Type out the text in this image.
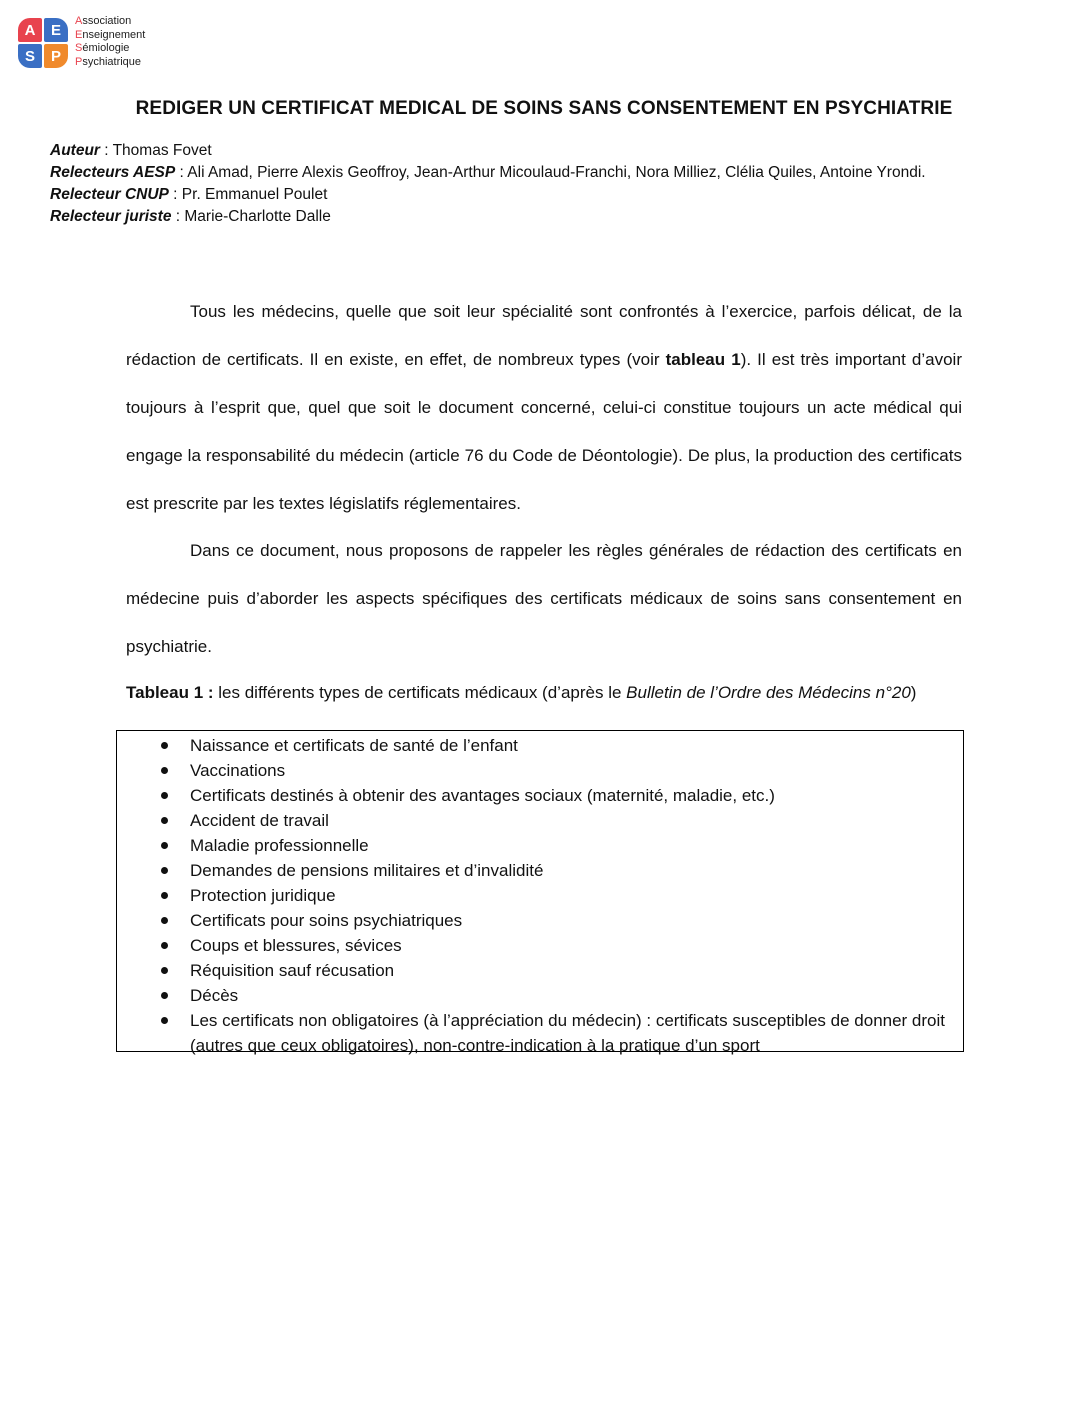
A	E
S	P
Association
Enseignement
Sémiologie
Psychiatrique
REDIGER UN CERTIFICAT MEDICAL DE SOINS SANS CONSENTEMENT EN PSYCHIATRIE
Auteur : Thomas Fovet
Relecteurs AESP : Ali Amad, Pierre Alexis Geoffroy, Jean-Arthur Micoulaud-Franchi, Nora Milliez, Clélia Quiles, Antoine Yrondi.
Relecteur CNUP : Pr. Emmanuel Poulet
Relecteur juriste : Marie-Charlotte Dalle

Tous les médecins, quelle que soit leur spécialité sont confrontés à l’exercice, parfois délicat, de la rédaction de certificats. Il en existe, en effet, de nombreux types (voir tableau 1). Il est très important d’avoir toujours à l’esprit que, quel que soit le document concerné, celui-ci constitue toujours un acte médical qui engage la responsabilité du médecin (article 76 du Code de Déontologie). De plus, la production des certificats est prescrite par les textes législatifs réglementaires.

Dans ce document, nous proposons de rappeler les règles générales de rédaction des certificats en médecine puis d’aborder les aspects spécifiques des certificats médicaux de soins sans consentement en psychiatrie.

Tableau 1 : les différents types de certificats médicaux (d’après le Bulletin de l’Ordre des Médecins n°20)
Naissance et certificats de santé de l’enfant
Vaccinations
Certificats destinés à obtenir des avantages sociaux (maternité, maladie, etc.)
Accident de travail
Maladie professionnelle
Demandes de pensions militaires et d’invalidité
Protection juridique
Certificats pour soins psychiatriques
Coups et blessures, sévices
Réquisition sauf récusation
Décès
Les certificats non obligatoires (à l’appréciation du médecin) : certificats susceptibles de donner droit (autres que ceux obligatoires), non-contre-indication à la pratique d’un sport
